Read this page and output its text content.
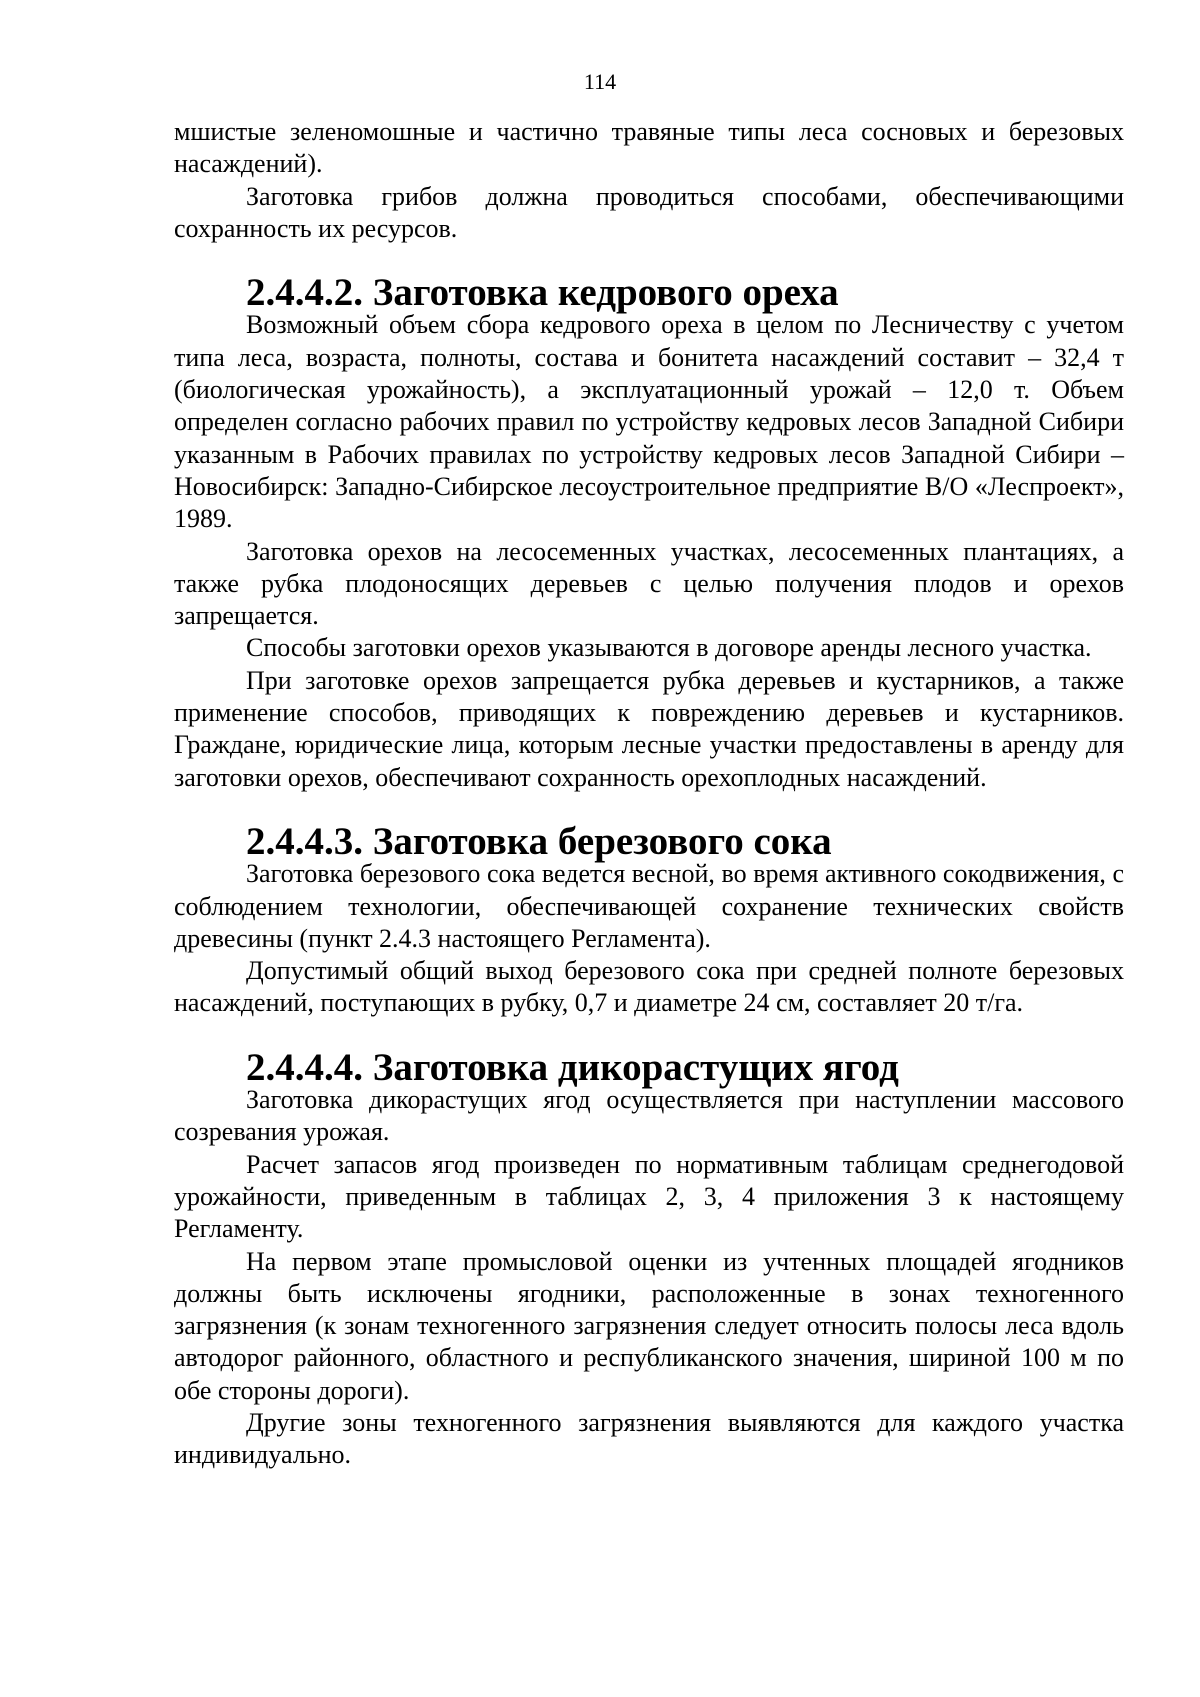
114

мшистые зеленомошные и частично травяные типы леса сосновых и березовых насаждений).

Заготовка грибов должна проводиться способами, обеспечивающими сохранность их ресурсов.

2.4.4.2. Заготовка кедрового ореха

Возможный объем сбора кедрового ореха в целом по Лесничеству с учетом типа леса, возраста, полноты, состава и бонитета насаждений составит – 32,4 т (биологическая урожайность), а эксплуатационный урожай – 12,0 т. Объем определен согласно рабочих правил по устройству кедровых лесов Западной Сибири указанным в Рабочих правилах по устройству кедровых лесов Западной Сибири – Новосибирск: Западно-Сибирское лесоустроительное предприятие В/О «Леспроект», 1989.

Заготовка орехов на лесосеменных участках, лесосеменных плантациях, а также рубка плодоносящих деревьев с целью получения плодов и орехов запрещается.

Способы заготовки орехов указываются в договоре аренды лесного участка.

При заготовке орехов запрещается рубка деревьев и кустарников, а также применение способов, приводящих к повреждению деревьев и кустарников. Граждане, юридические лица, которым лесные участки предоставлены в аренду для заготовки орехов, обеспечивают сохранность орехоплодных насаждений.

2.4.4.3. Заготовка березового сока

Заготовка березового сока ведется весной, во время активного сокодвижения, с соблюдением технологии, обеспечивающей сохранение технических свойств древесины (пункт 2.4.3 настоящего Регламента).

Допустимый общий выход березового сока при средней полноте березовых насаждений, поступающих в рубку, 0,7 и диаметре 24 см, составляет 20 т/га.

2.4.4.4. Заготовка дикорастущих ягод

Заготовка дикорастущих ягод осуществляется при наступлении массового созревания урожая.

Расчет запасов ягод произведен по нормативным таблицам среднегодовой урожайности, приведенным в таблицах 2, 3, 4 приложения 3 к настоящему Регламенту.

На первом этапе промысловой оценки из учтенных площадей ягодников должны быть исключены ягодники, расположенные в зонах техногенного загрязнения (к зонам техногенного загрязнения следует относить полосы леса вдоль автодорог районного, областного и республиканского значения, шириной 100 м по обе стороны дороги).

Другие зоны техногенного загрязнения выявляются для каждого участка индивидуально.
